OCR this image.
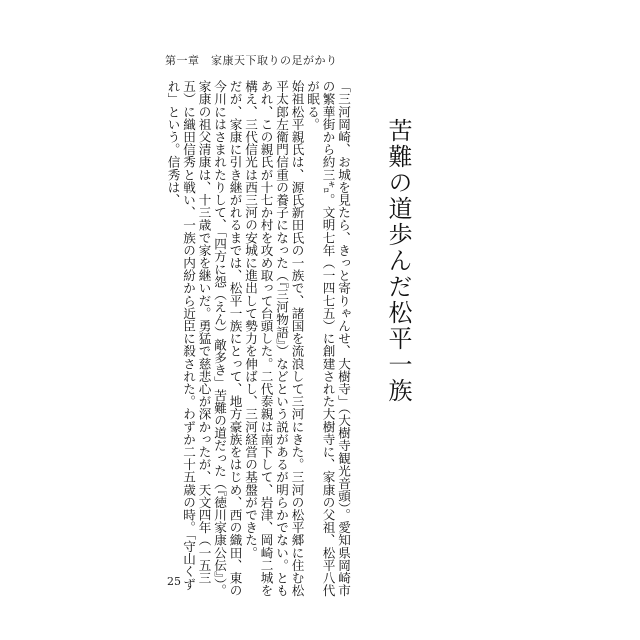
第一章　家康天下取りの足がかり
苦難の道歩んだ松平一族

「三河岡崎、お城を見たら、きっと寄りゃんせ、大樹寺」（大樹寺観光音頭）。愛知県岡崎市の繁華街から約三㌔。文明七年（一四七五）に創建された大樹寺に、家康の父祖、松平八代が眠る。

始祖松平親氏は、源氏新田氏の一族で、諸国を流浪して三河にきた。三河の松平郷に住む松平太郎左衛門信重の養子になった（『三河物語』）などという説があるが明らかでない。ともあれ、この親氏が十七か村を攻め取って台頭した。二代泰親は南下して、岩津、岡崎二城を構え、三代信光は西三河の安城に進出して勢力を伸ばし、三河経営の基盤ができた。

だが、家康に引き継がれるまでは、松平一族にとって、地方豪族をはじめ、西の織田、東の今川にはさまれたりして、「四方に怨（えん）敵多き」苦難の道だった（『徳川家康公伝』）。

家康の祖父清康は、十三歳で家を継いだ。勇猛で慈悲心が深かったが、天文四年（一五三五）に織田信秀と戦い、一族の内紛から近臣に殺された。わずか二十五歳の時。「守山くずれ」という。信秀は、

25
